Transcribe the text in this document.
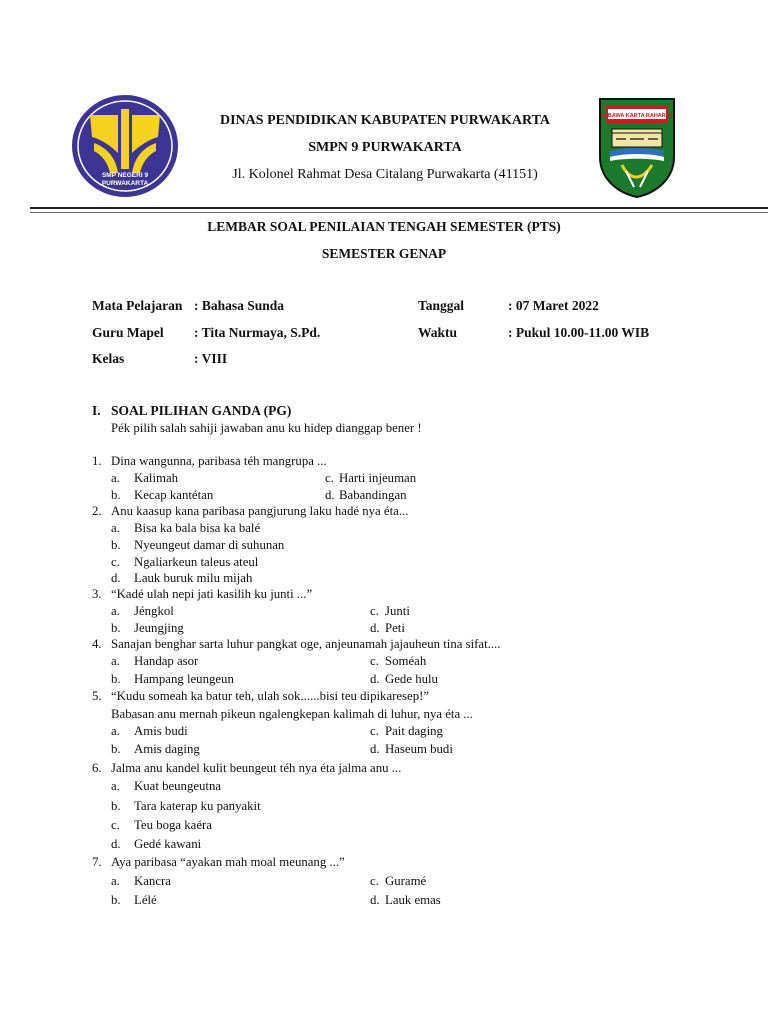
SMP NEGERI 9
PURWAKARTA
WIBAWA KARTA RAHARJA
DINAS PENDIDIKAN KABUPATEN PURWAKARTA
SMPN 9 PURWAKARTA
Jl. Kolonel Rahmat Desa Citalang Purwakarta (41151)
LEMBAR SOAL PENILAIAN TENGAH SEMESTER (PTS)
SEMESTER GENAP
Mata Pelajaran : Bahasa Sunda	Tanggal	: 07 Maret 2022
Guru Mapel : Tita Nurmaya, S.Pd.	Waktu	: Pukul 10.00-11.00 WIB
Kelas	: VIII
I. SOAL PILIHAN GANDA (PG)
Pék pilih salah sahiji jawaban anu ku hidep dianggap bener !
1. Dina wangunna, paribasa téh mangrupa ...
a. Kalimah	c. Harti injeuman
b. Kecap kantétan	d. Babandingan
2. Anu kaasup kana paribasa pangjurung laku hadé nya éta...
a. Bisa ka bala bisa ka balé
b. Nyeungeut damar di suhunan
c. Ngaliarkeun taleus ateul
d. Lauk buruk milu mijah
3. “Kadé ulah nepi jati kasilih ku junti ...”
a. Jéngkol	c. Junti
b. Jeungjing	d. Peti
4. Sanajan benghar sarta luhur pangkat oge, anjeunamah jajauheun tina sifat....
a. Handap asor	c. Soméah
b. Hampang leungeun	d. Gede hulu
5. “Kudu someah ka batur teh, ulah sok......bisi teu dipikaresep!”
Babasan anu mernah pikeun ngalengkepan kalimah di luhur, nya éta ...
a. Amis budi	c. Pait daging
b. Amis daging	d. Haseum budi
6. Jalma anu kandel kulit beungeut téh nya éta jalma anu ...
a. Kuat beungeutna
b. Tara katerap ku panyakit
c. Teu boga kaéra
d. Gedé kawani
7. Aya paribasa “ayakan mah moal meunang ...”
a. Kancra	c. Guramé
b. Lélé	d. Lauk emas
